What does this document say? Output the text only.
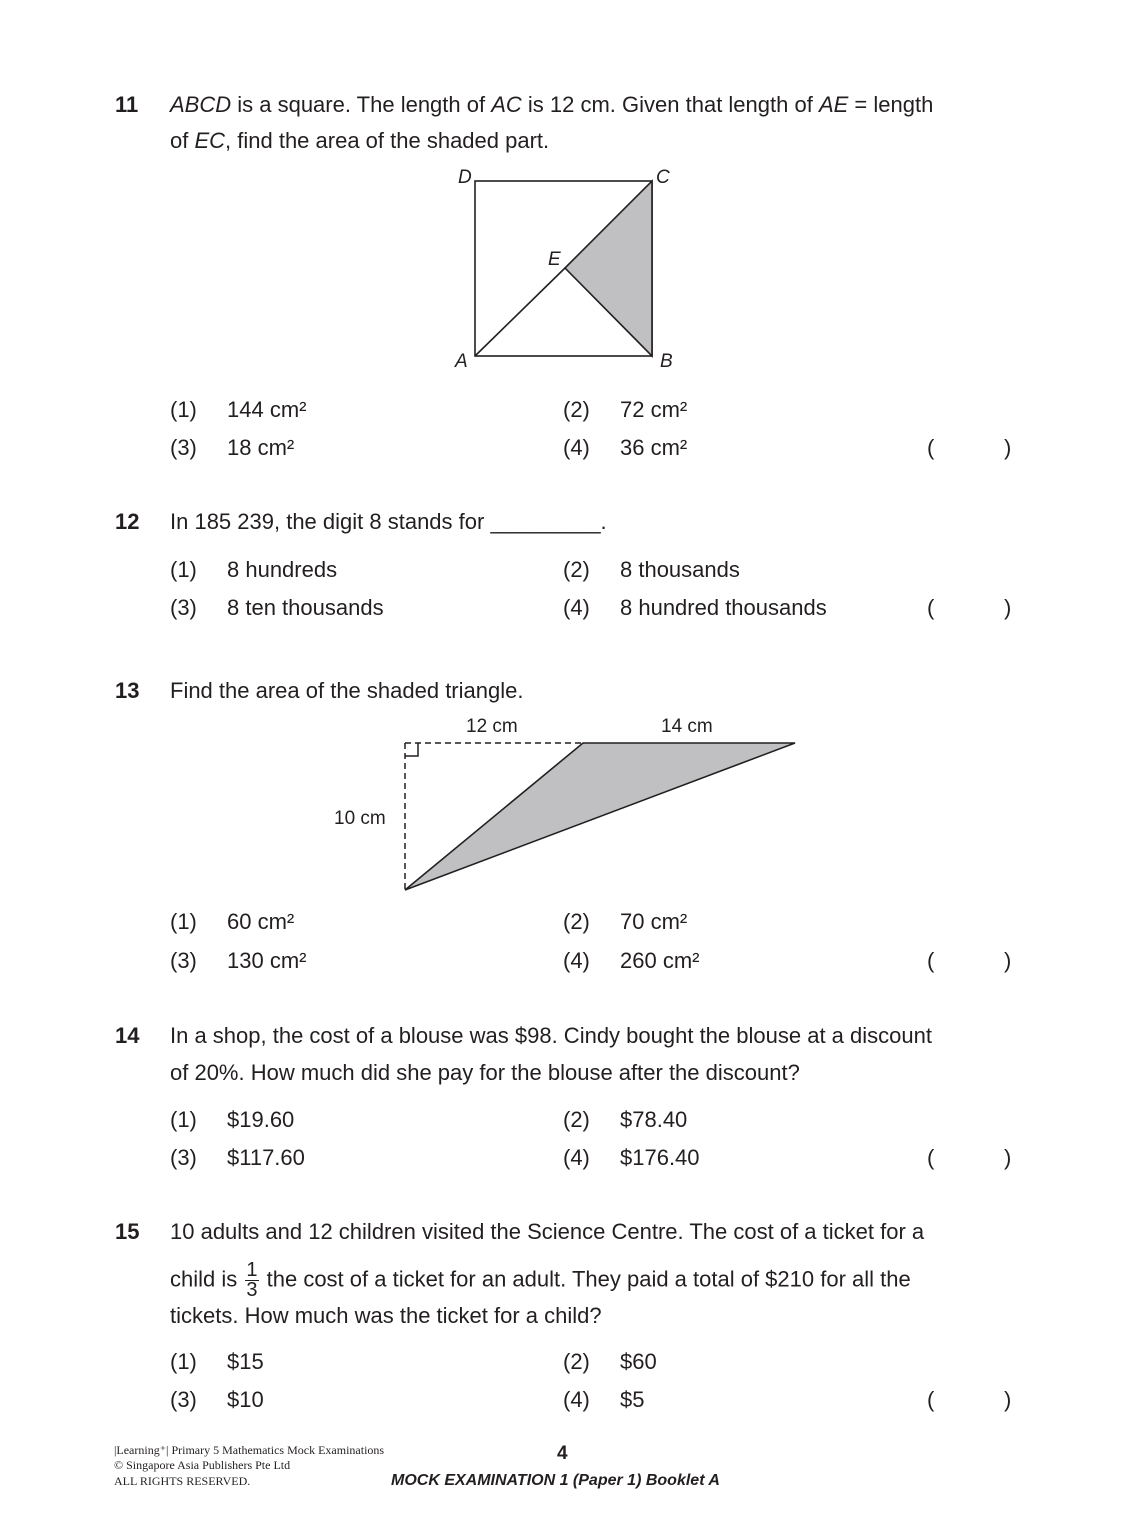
11 ABCD is a square. The length of AC is 12 cm. Given that length of AE = length
of EC, find the area of the shaded part.
D	C
E
A	B
(1) 144 cm²	(2) 72 cm²
(3) 18 cm²	(4) 36 cm²	(	)
(1) 8 hundreds	(2) 8 thousands
(3) 8 ten thousands	(4) 8 hundred thousands	(	)
(1) 60 cm²	(2) 70 cm²
(3) 130 cm²	(4) 260 cm²	(	)
(1) $19.60	(2) $78.40
(3) $117.60	(4) $176.40	(	)
(1) $15	(2) $60
(3) $10	(4) $5	(	)
12 In 185 239, the digit 8 stands for _________.
13 Find the area of the shaded triangle.
12 cm	14 cm
10 cm
14 In a shop, the cost of a blouse was $98. Cindy bought the blouse at a discount
of 20%. How much did she pay for the blouse after the discount?
15 10 adults and 12 children visited the Science Centre. The cost of a ticket for a
child is $\frac{1}{3}$ the cost of a ticket for an adult. They paid a total of $210 for all the
tickets. How much was the ticket for a child?
|Learning⁺| Primary 5 Mathematics Mock Examinations
© Singapore Asia Publishers Pte Ltd
ALL RIGHTS RESERVED.
4
MOCK EXAMINATION 1 (Paper 1) Booklet A
